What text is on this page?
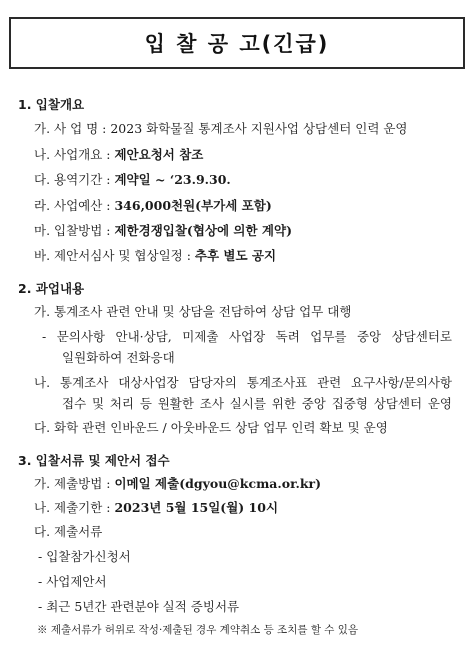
입 찰 공 고(긴급)
1. 입찰개요
가. 사 업 명 : 2023 화학물질 통계조사 지원사업 상담센터 인력 운영
나. 사업개요 : 제안요청서 참조
다. 용역기간 : 계약일 ~ ‘23.9.30.
라. 사업예산 : 346,000천원(부가세 포함)
마. 입찰방법 : 제한경쟁입찰(협상에 의한 계약)
바. 제안서심사 및 협상일정 : 추후 별도 공지
2. 과업내용
가. 통계조사 관련 안내 및 상담을 전담하여 상담 업무 대행
- 문의사항 안내·상담, 미제출 사업장 독려 업무를 중앙 상담센터로
일원화하여 전화응대
나. 통계조사 대상사업장 담당자의 통계조사표 관련 요구사항/문의사항
접수 및 처리 등 원활한 조사 실시를 위한 중앙 집중형 상담센터 운영
다. 화학 관련 인바운드 / 아웃바운드 상담 업무 인력 확보 및 운영
3. 입찰서류 및 제안서 접수
가. 제출방법 : 이메일 제출(dgyou@kcma.or.kr)
나. 제출기한 : 2023년 5월 15일(월) 10시
다. 제출서류
- 입찰참가신청서
- 사업제안서
- 최근 5년간 관련분야 실적 증빙서류
※ 제출서류가 허위로 작성·제출된 경우 계약취소 등 조치를 할 수 있음
